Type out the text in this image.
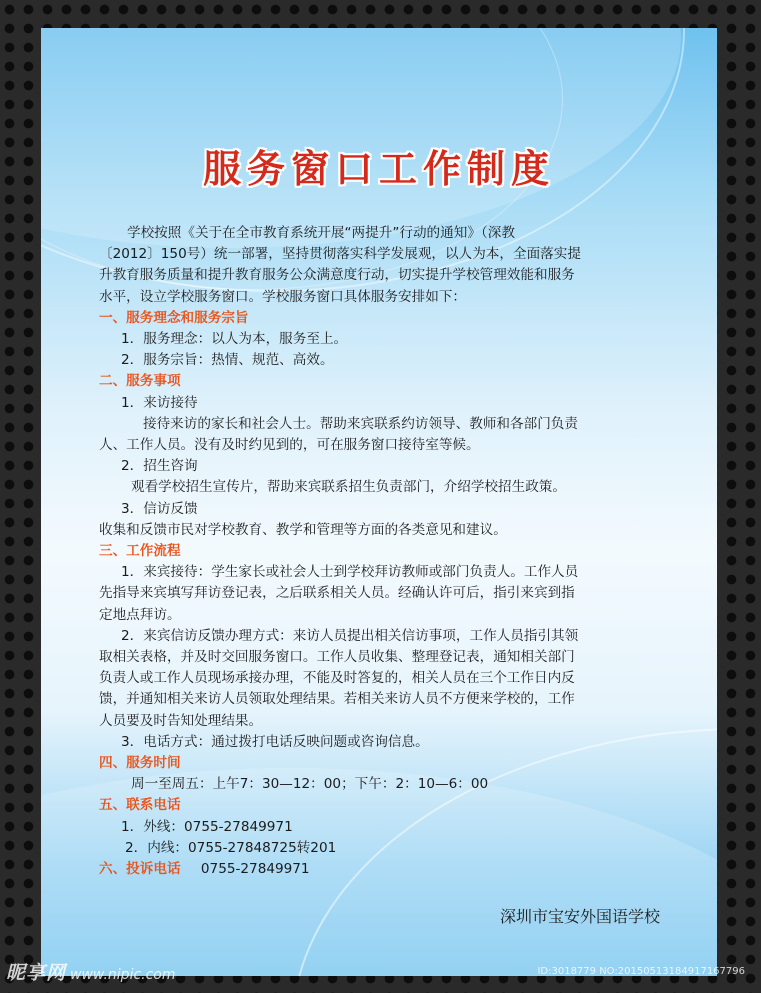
服务窗口工作制度
学校按照《关于在全市教育系统开展“两提升”行动的通知》（深教
〔2012〕150号）统一部署，坚持贯彻落实科学发展观，以人为本，全面落实提
升教育服务质量和提升教育服务公众满意度行动，切实提升学校管理效能和服务
水平，设立学校服务窗口。学校服务窗口具体服务安排如下：
一、服务理念和服务宗旨
1．服务理念：以人为本，服务至上。
2．服务宗旨：热情、规范、高效。
二、服务事项
1．来访接待
接待来访的家长和社会人士。帮助来宾联系约访领导、教师和各部门负责
人、工作人员。没有及时约见到的，可在服务窗口接待室等候。
2．招生咨询
观看学校招生宣传片，帮助来宾联系招生负责部门，介绍学校招生政策。
3．信访反馈
收集和反馈市民对学校教育、教学和管理等方面的各类意见和建议。
三、工作流程
1．来宾接待：学生家长或社会人士到学校拜访教师或部门负责人。工作人员
先指导来宾填写拜访登记表，之后联系相关人员。经确认许可后，指引来宾到指
定地点拜访。
2．来宾信访反馈办理方式：来访人员提出相关信访事项，工作人员指引其领
取相关表格，并及时交回服务窗口。工作人员收集、整理登记表，通知相关部门
负责人或工作人员现场承接办理，不能及时答复的，相关人员在三个工作日内反
馈，并通知相关来访人员领取处理结果。若相关来访人员不方便来学校的，工作
人员要及时告知处理结果。
3．电话方式：通过拨打电话反映问题或咨询信息。
四、服务时间
周一至周五：上午7：30—12：00；下午：2：10—6：00
五、联系电话
1．外线：0755-27849971
2．内线：0755-27848725转201
六、投诉电话 0755-27849971
深圳市宝安外国语学校
昵享网 www.nipic.com	ID:3018779 NO:20150513184917167796
